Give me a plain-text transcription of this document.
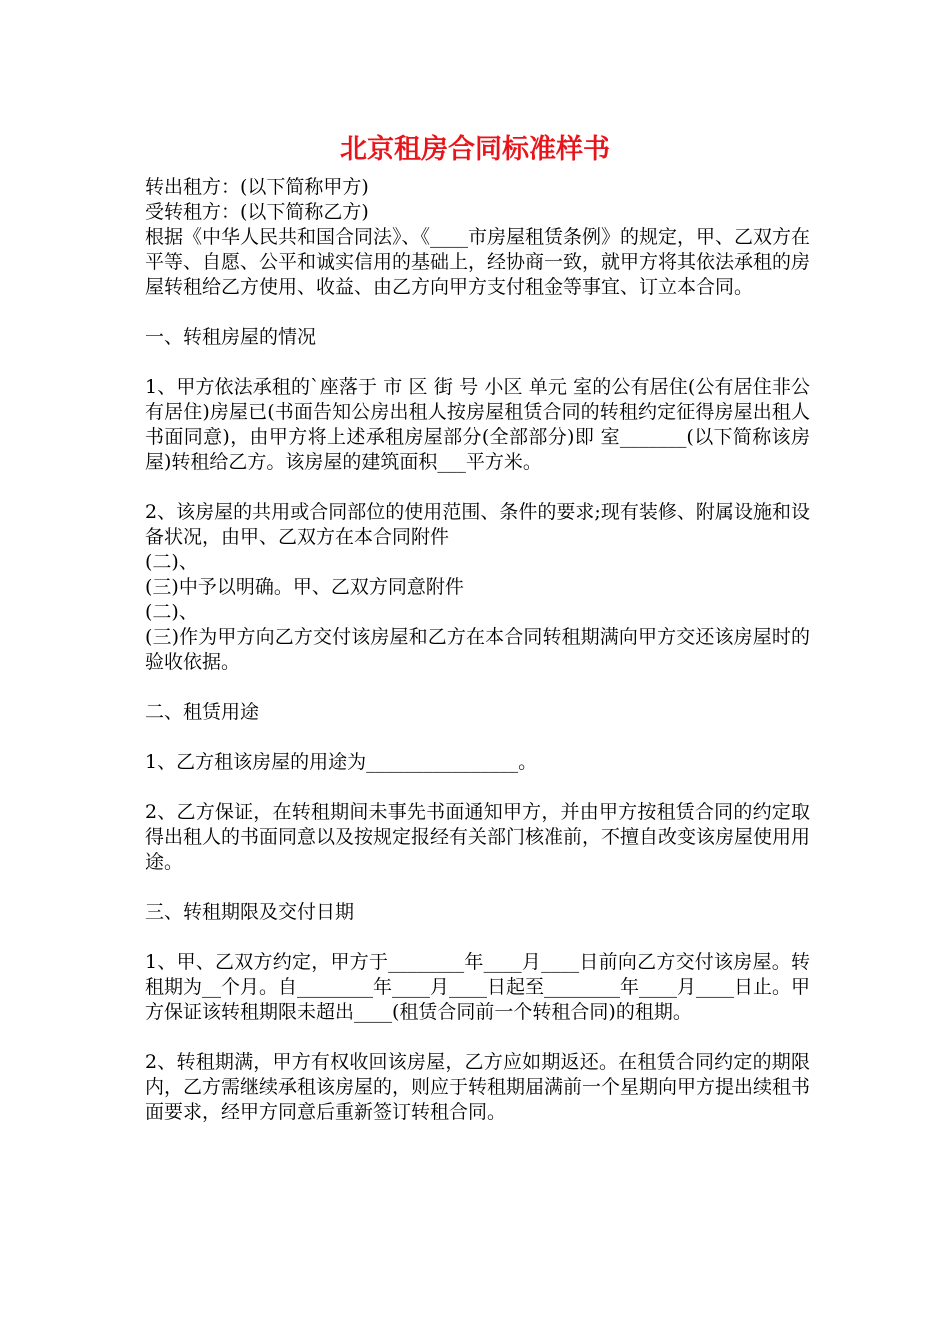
北京租房合同标准样书

转出租方：(以下简称甲方)

受转租方：(以下简称乙方)

根据《中华人民共和国合同法》、《____市房屋租赁条例》的规定，甲、乙双方在平等、自愿、公平和诚实信用的基础上，经协商一致，就甲方将其依法承租的房屋转租给乙方使用、收益、由乙方向甲方支付租金等事宜、订立本合同。

一、转租房屋的情况

1、甲方依法承租的`座落于 市 区 街 号 小区 单元 室的公有居住(公有居住非公有居住)房屋已(书面告知公房出租人按房屋租赁合同的转租约定征得房屋出租人书面同意)，由甲方将上述承租房屋部分(全部部分)即 室_______(以下简称该房屋)转租给乙方。该房屋的建筑面积___平方米。

2、该房屋的共用或合同部位的使用范围、条件的要求;现有装修、附属设施和设备状况，由甲、乙双方在本合同附件

(二)、

(三)中予以明确。甲、乙双方同意附件

(二)、

(三)作为甲方向乙方交付该房屋和乙方在本合同转租期满向甲方交还该房屋时的验收依据。

二、租赁用途

1、乙方租该房屋的用途为________________。

2、乙方保证，在转租期间未事先书面通知甲方，并由甲方按租赁合同的约定取得出租人的书面同意以及按规定报经有关部门核准前，不擅自改变该房屋使用用途。

三、转租期限及交付日期

1、甲、乙双方约定，甲方于________年____月____日前向乙方交付该房屋。转租期为__个月。自________年____月____日起至________年____月____日止。甲方保证该转租期限未超出____(租赁合同前一个转租合同)的租期。

2、转租期满，甲方有权收回该房屋，乙方应如期返还。在租赁合同约定的期限内，乙方需继续承租该房屋的，则应于转租期届满前一个星期向甲方提出续租书面要求，经甲方同意后重新签订转租合同。
